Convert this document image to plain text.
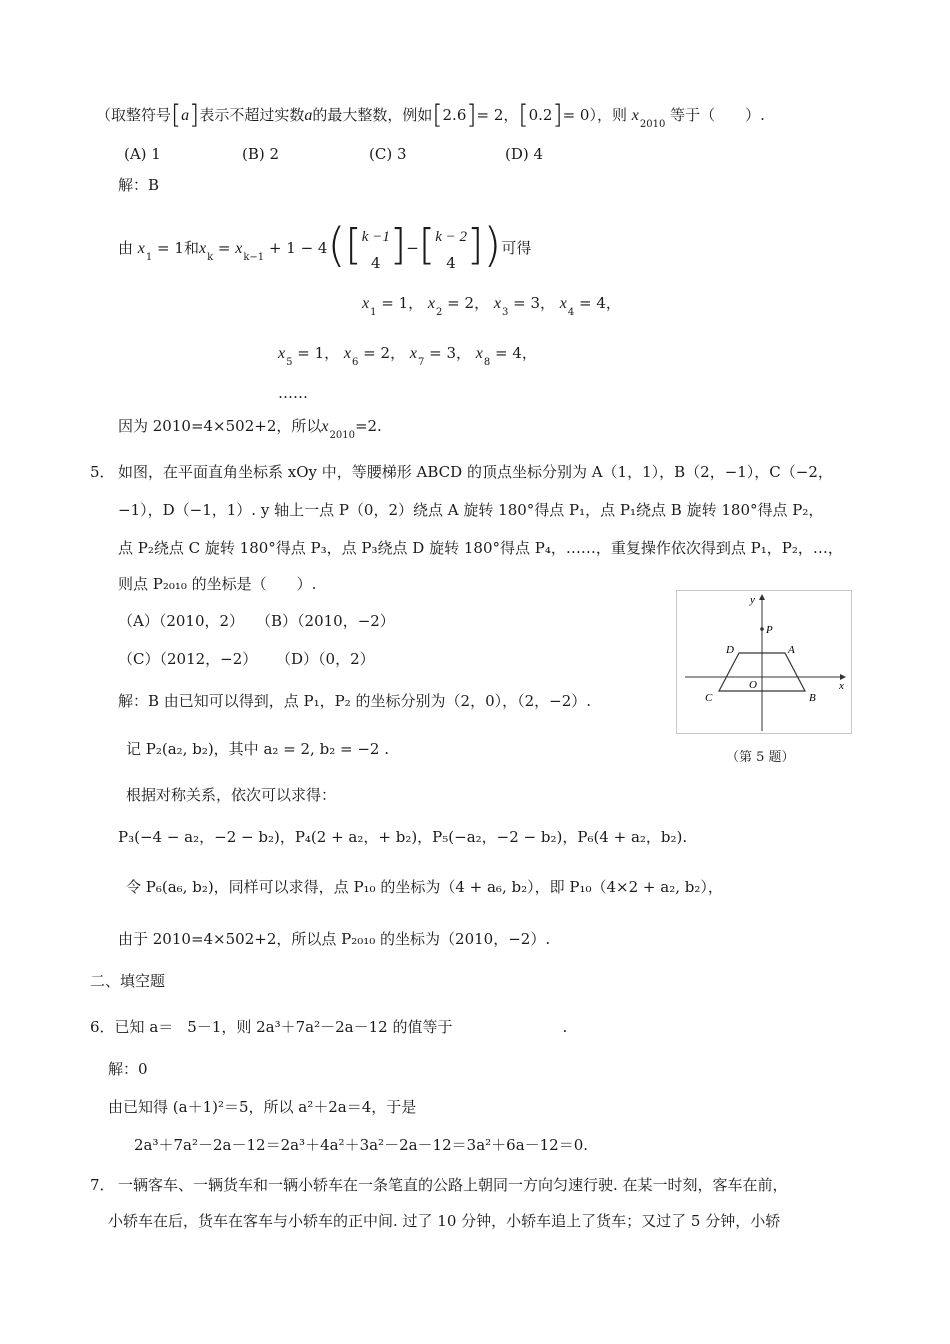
（取整符号[a]表示不超过实数a的最大整数，例如[2.6]= 2，[0.2]= 0），则 $x_{2010}$ 等于（　　）.
(A) 1	(B) 2	(C) 3	(D) 4
解：B
由 $x_1 = 1$和$x_k = x_{k-1} + 1 - 4([k -1$
4 ]−[k − 2
4 ])可得
$x_1 = 1$， $x_2 = 2$， $x_3 = 3$， $x_4 = 4$，
$x_5 = 1$， $x_6 = 2$， $x_7 = 3$， $x_8 = 4$，
……
因为 2010=4×502+2，所以$x_{2010}=2$.
5． 如图，在平面直角坐标系 xOy 中，等腰梯形 ABCD 的顶点坐标分别为 A（1，1），B（2，−1），C（−2，
−1），D（−1，1）. y 轴上一点 P（0，2）绕点 A 旋转 180°得点 P₁，点 P₁绕点 B 旋转 180°得点 P₂，
点 P₂绕点 C 旋转 180°得点 P₃，点 P₃绕点 D 旋转 180°得点 P₄，……，重复操作依次得到点 P₁，P₂，…，
则点 P₂₀₁₀ 的坐标是（　　）.
（A）（2010，2） （B）（2010，−2）
（C）（2012，−2） （D）（0，2）
解：B 由已知可以得到，点 P₁，P₂ 的坐标分别为（2，0），（2，−2）.
记 P₂(a₂, b₂)，其中 a₂ = 2, b₂ = −2 .
根据对称关系，依次可以求得：
P₃(−4 − a₂，−2 − b₂)，P₄(2 + a₂，+ b₂)，P₅(−a₂，−2 − b₂)，P₆(4 + a₂，b₂).
令 P₆(a₆, b₂)，同样可以求得，点 P₁₀ 的坐标为（4 + a₆, b₂），即 P₁₀（4×2 + a₂, b₂），
由于 2010=4×502+2，所以点 P₂₀₁₀ 的坐标为（2010，−2）.
y
x
P
D	A
O
C	B
（第 5 题）
二、填空题
6．已知 a＝ 5－1，则 2a³＋7a²－2a－12 的值等于	.
解：0
由已知得 (a＋1)²＝5，所以 a²＋2a＝4，于是
2a³＋7a²－2a－12＝2a³＋4a²＋3a²－2a－12＝3a²＋6a－12＝0.
7． 一辆客车、一辆货车和一辆小轿车在一条笔直的公路上朝同一方向匀速行驶. 在某一时刻，客车在前，
小轿车在后，货车在客车与小轿车的正中间. 过了 10 分钟，小轿车追上了货车；又过了 5 分钟，小轿
